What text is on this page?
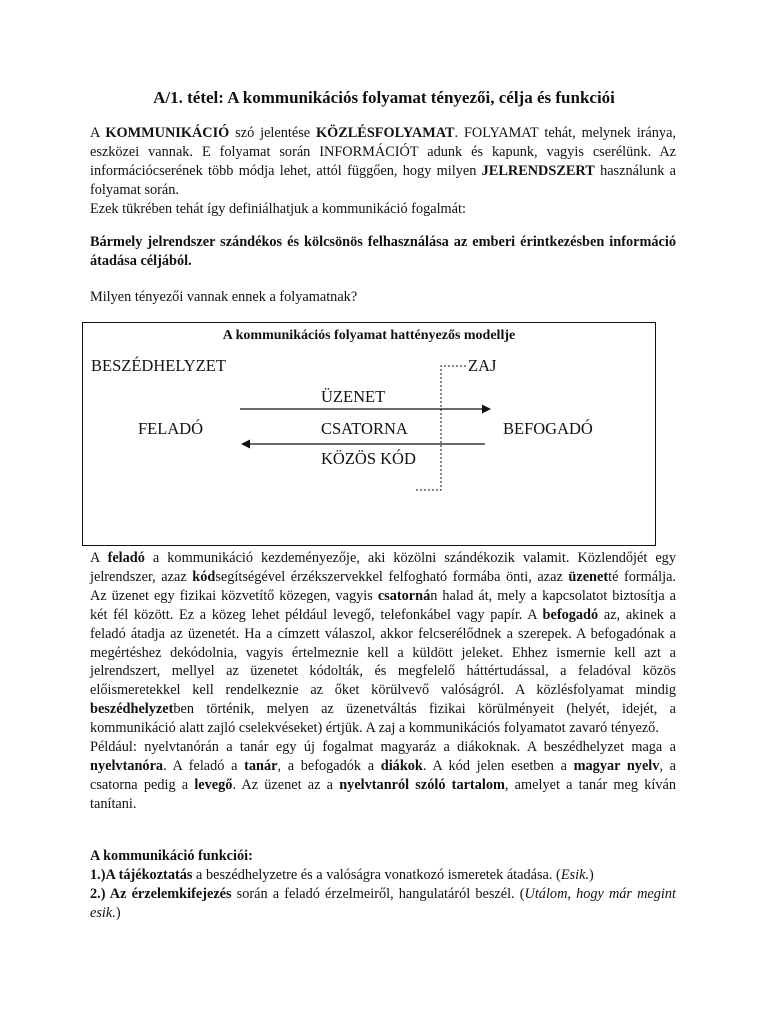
A/1. tétel: A kommunikációs folyamat tényezői, célja és funkciói

A KOMMUNIKÁCIÓ szó jelentése KÖZLÉSFOLYAMAT. FOLYAMAT tehát, melynek iránya, eszközei vannak. E folyamat során INFORMÁCIÓT adunk és kapunk, vagyis cserélünk. Az információcserének több módja lehet, attól függően, hogy milyen JELRENDSZERT használunk a folyamat során.

Ezek tükrében tehát így definiálhatjuk a kommunikáció fogalmát:

Bármely jelrendszer szándékos és kölcsönös felhasználása az emberi érintkezésben információ átadása céljából.

Milyen tényezői vannak ennek a folyamatnak?

A kommunikációs folyamat hattényezős modellje
BESZÉDHELYZET	ZAJ
ÜZENET
FELADÓ	CSATORNA	BEFOGADÓ
KÖZÖS KÓD

A feladó a kommunikáció kezdeményezője, aki közölni szándékozik valamit. Közlendőjét egy jelrendszer, azaz kódsegítségével érzékszervekkel felfogható formába önti, azaz üzenetté formálja. Az üzenet egy fizikai közvetítő közegen, vagyis csatornán halad át, mely a kapcsolatot biztosítja a két fél között. Ez a közeg lehet például levegő, telefonkábel vagy papír. A befogadó az, akinek a feladó átadja az üzenetét. Ha a címzett válaszol, akkor felcserélődnek a szerepek. A befogadónak a megértéshez dekódolnia, vagyis értelmeznie kell a küldött jeleket. Ehhez ismernie kell azt a jelrendszert, mellyel az üzenetet kódolták, és megfelelő háttértudással, a feladóval közös előismeretekkel kell rendelkeznie az őket körülvevő valóságról. A közlésfolyamat mindig beszédhelyzetben történik, melyen az üzenetváltás fizikai körülményeit (helyét, idejét, a kommunikáció alatt zajló cselekvéseket) értjük. A zaj a kommunikációs folyamatot zavaró tényező.

Például: nyelvtanórán a tanár egy új fogalmat magyaráz a diákoknak. A beszédhelyzet maga a nyelvtanóra. A feladó a tanár, a befogadók a diákok. A kód jelen esetben a magyar nyelv, a csatorna pedig a levegő. Az üzenet az a nyelvtanról szóló tartalom, amelyet a tanár meg kíván tanítani.

A kommunikáció funkciói:

1.)A tájékoztatás a beszédhelyzetre és a valóságra vonatkozó ismeretek átadása. (Esik.)

2.) Az érzelemkifejezés során a feladó érzelmeiről, hangulatáról beszél. (Utálom, hogy már megint esik.)
